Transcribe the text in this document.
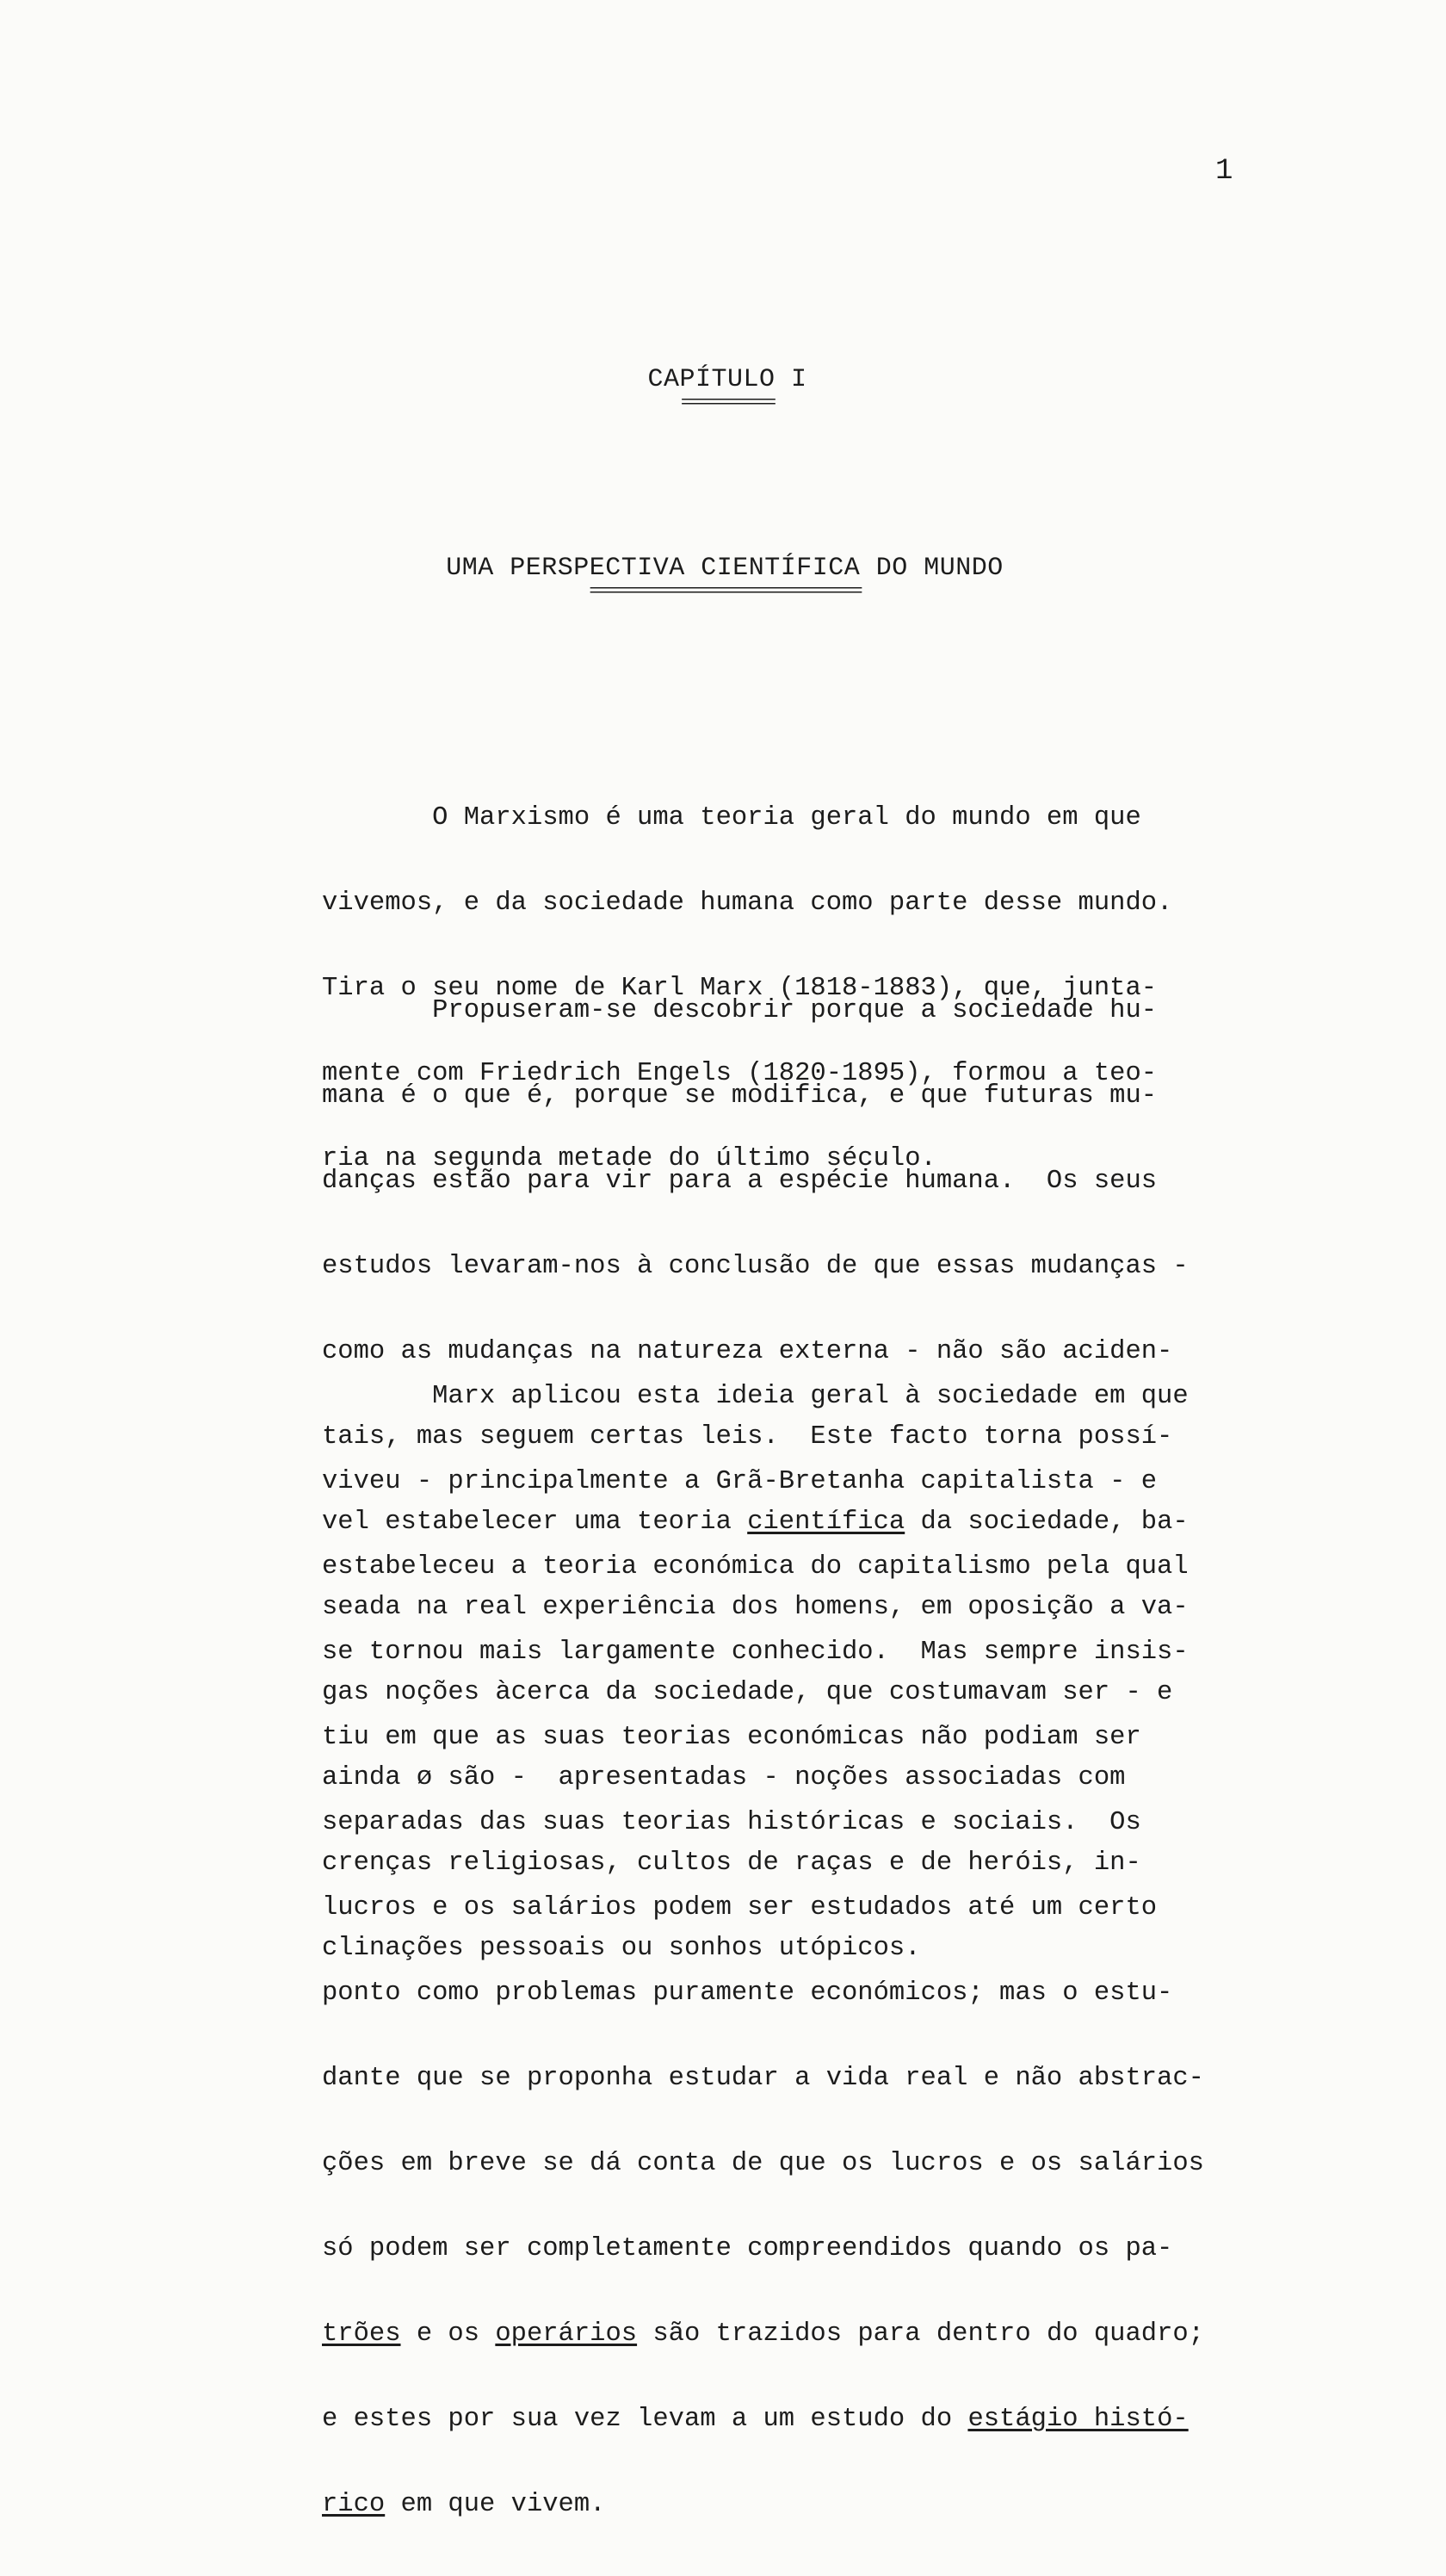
1
CAPÍTULO I
============
UMA PERSPECTIVA CIENTÍFICA DO MUNDO
===================================

O Marxismo é uma teoria geral do mundo em que

vivemos, e da sociedade humana como parte desse mundo.

Tira o seu nome de Karl Marx (1818-1883), que, junta-

mente com Friedrich Engels (1820-1895), formou a teo-

ria na segunda metade do último século.

Propuseram-se descobrir porque a sociedade hu-

mana é o que é, porque se modifica, e que futuras mu-

danças estão para vir para a espécie humana.  Os seus

estudos levaram-nos à conclusão de que essas mudanças -

como as mudanças na natureza externa - não são aciden-

tais, mas seguem certas leis.  Este facto torna possí-

vel estabelecer uma teoria científica da sociedade, ba-

seada na real experiência dos homens, em oposição a va-

gas noções àcerca da sociedade, que costumavam ser - e

ainda ø são -  apresentadas - noções associadas com

crenças religiosas, cultos de raças e de heróis, in-

clinações pessoais ou sonhos utópicos.

Marx aplicou esta ideia geral à sociedade em que

viveu - principalmente a Grã-Bretanha capitalista - e

estabeleceu a teoria económica do capitalismo pela qual

se tornou mais largamente conhecido.  Mas sempre insis-

tiu em que as suas teorias económicas não podiam ser

separadas das suas teorias históricas e sociais.  Os

lucros e os salários podem ser estudados até um certo

ponto como problemas puramente económicos; mas o estu-

dante que se proponha estudar a vida real e não abstrac-

ções em breve se dá conta de que os lucros e os salários

só podem ser completamente compreendidos quando os pa-

trões e os operários são trazidos para dentro do quadro;

e estes por sua vez levam a um estudo do estágio histó-

rico em que vivem.
